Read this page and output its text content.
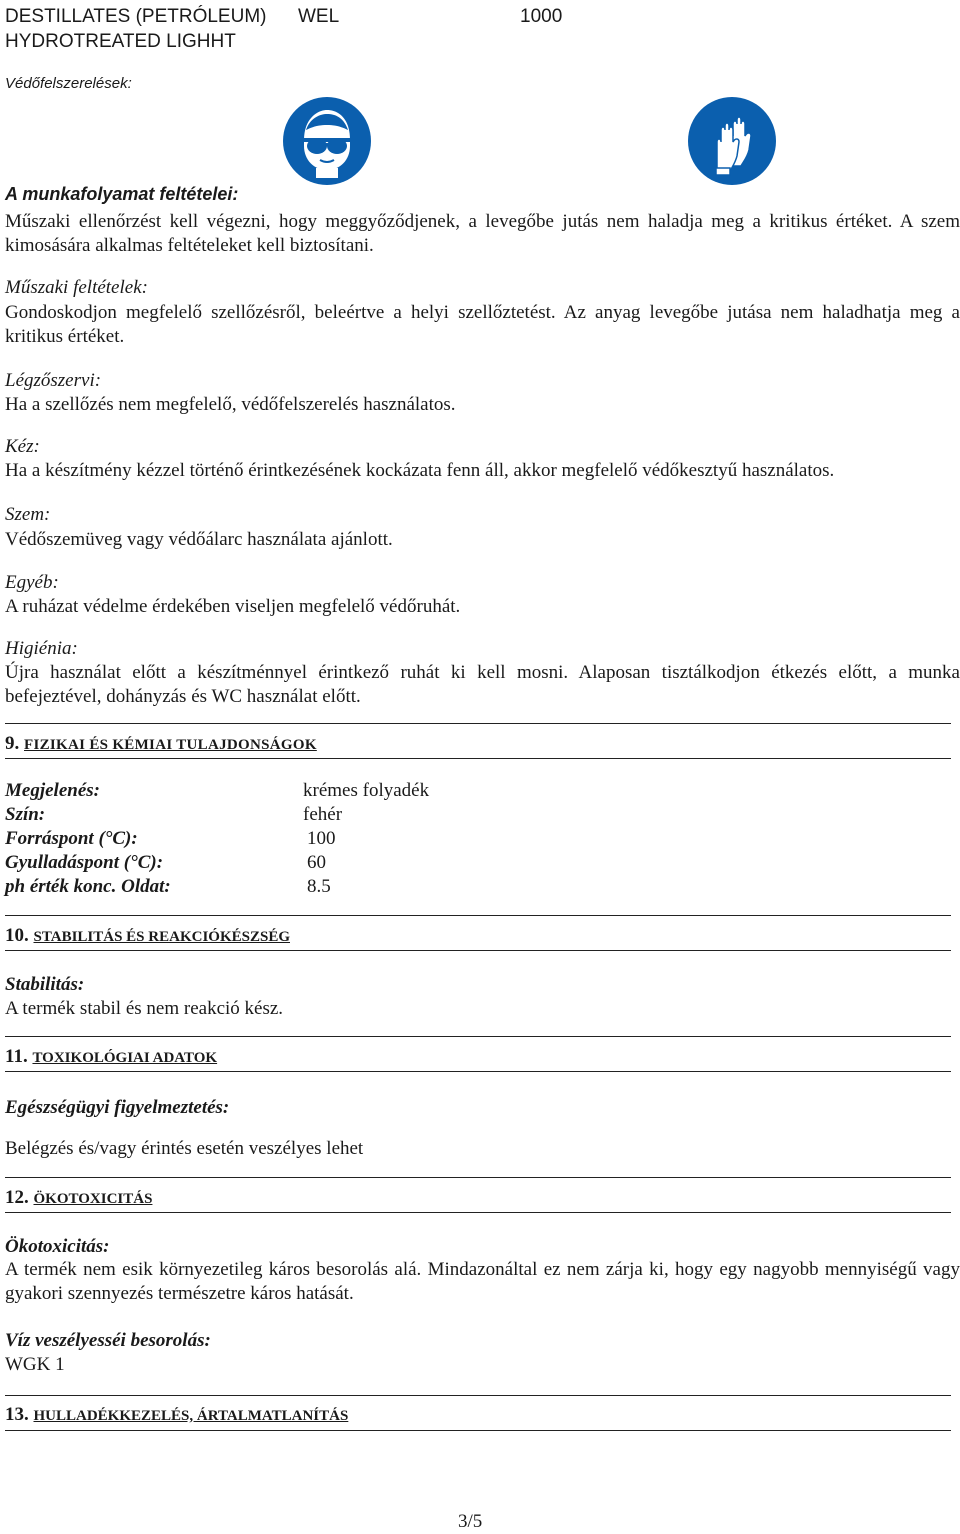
DESTILLATES (PETRÓLEUM)
HYDROTREATED LIGHHT
WEL	1000
Védőfelszerelések:
A munkafolyamat feltételei:
Műszaki ellenőrzést kell végezni, hogy meggyőződjenek, a levegőbe jutás nem haladja meg a kritikus értéket. A szem kimosására alkalmas feltételeket kell biztosítani.
Műszaki feltételek:
Gondoskodjon megfelelő szellőzésről, beleértve a helyi szellőztetést. Az anyag levegőbe jutása nem haladhatja meg a kritikus értéket.
Légzőszervi:
Ha a szellőzés nem megfelelő, védőfelszerelés használatos.
Kéz:
Ha a készítmény kézzel történő érintkezésének kockázata fenn áll, akkor megfelelő védőkesztyű használatos.
Szem:
Védőszemüveg vagy védőálarc használata ajánlott.
Egyéb:
A ruházat védelme érdekében viseljen megfelelő védőruhát.
Higiénia:
Újra használat előtt a készítménnyel érintkező ruhát ki kell mosni. Alaposan tisztálkodjon étkezés előtt, a munka befejeztével, dohányzás és WC használat előtt.
9. FIZIKAI ÉS KÉMIAI TULAJDONSÁGOK
Megjelenés:	krémes folyadék
Szín:	fehér
Forráspont (°C):	100
Gyulladáspont (°C):	60
ph érték konc. Oldat:	8.5
10. STABILITÁS ÉS REAKCIÓKÉSZSÉG
Stabilitás:
A termék stabil és nem reakció kész.
11. TOXIKOLÓGIAI ADATOK
Egészségügyi figyelmeztetés:
Belégzés és/vagy érintés esetén veszélyes lehet
12. ÖKOTOXICITÁS
Ökotoxicitás:
A termék nem esik környezetileg káros besorolás alá. Mindazonáltal ez nem zárja ki, hogy egy nagyobb mennyiségű vagy gyakori szennyezés természetre káros hatását.
Víz veszélyesséi besorolás:
WGK 1
13. HULLADÉKKEZELÉS, ÁRTALMATLANÍTÁS
3/5
